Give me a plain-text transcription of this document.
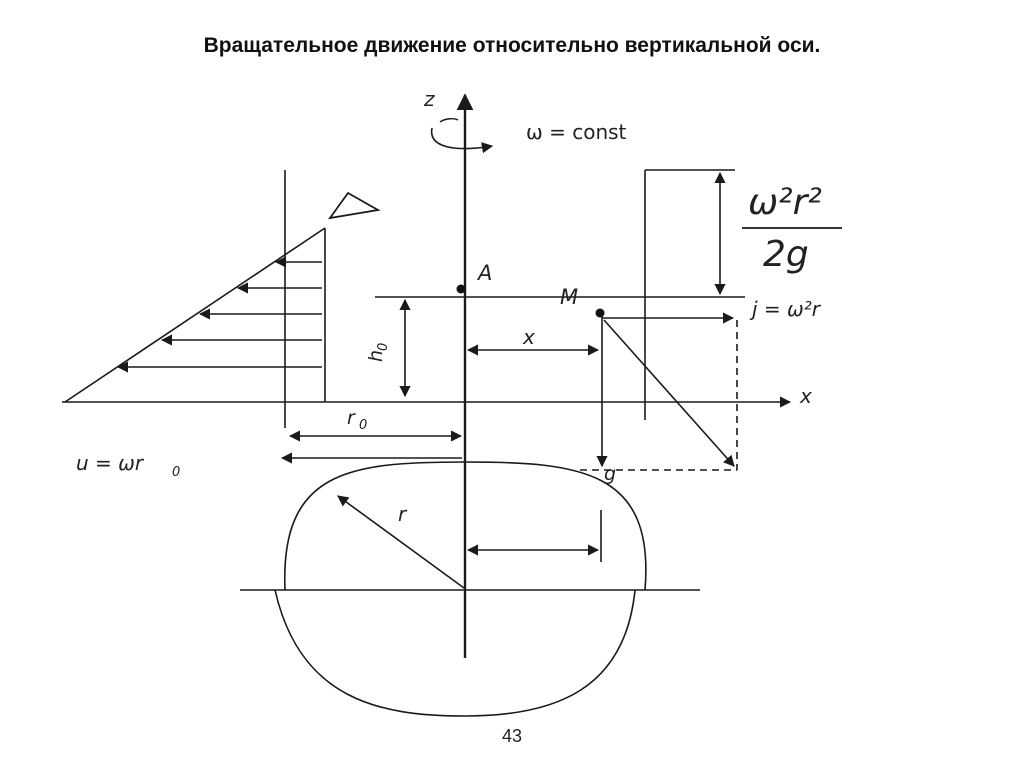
Вращательное движение относительно вертикальной оси.
z
ω = const
A
M
h
0	x
x
r 0
u = ωr 0
j = ω²r
g
r
ω²r²
2g
43
